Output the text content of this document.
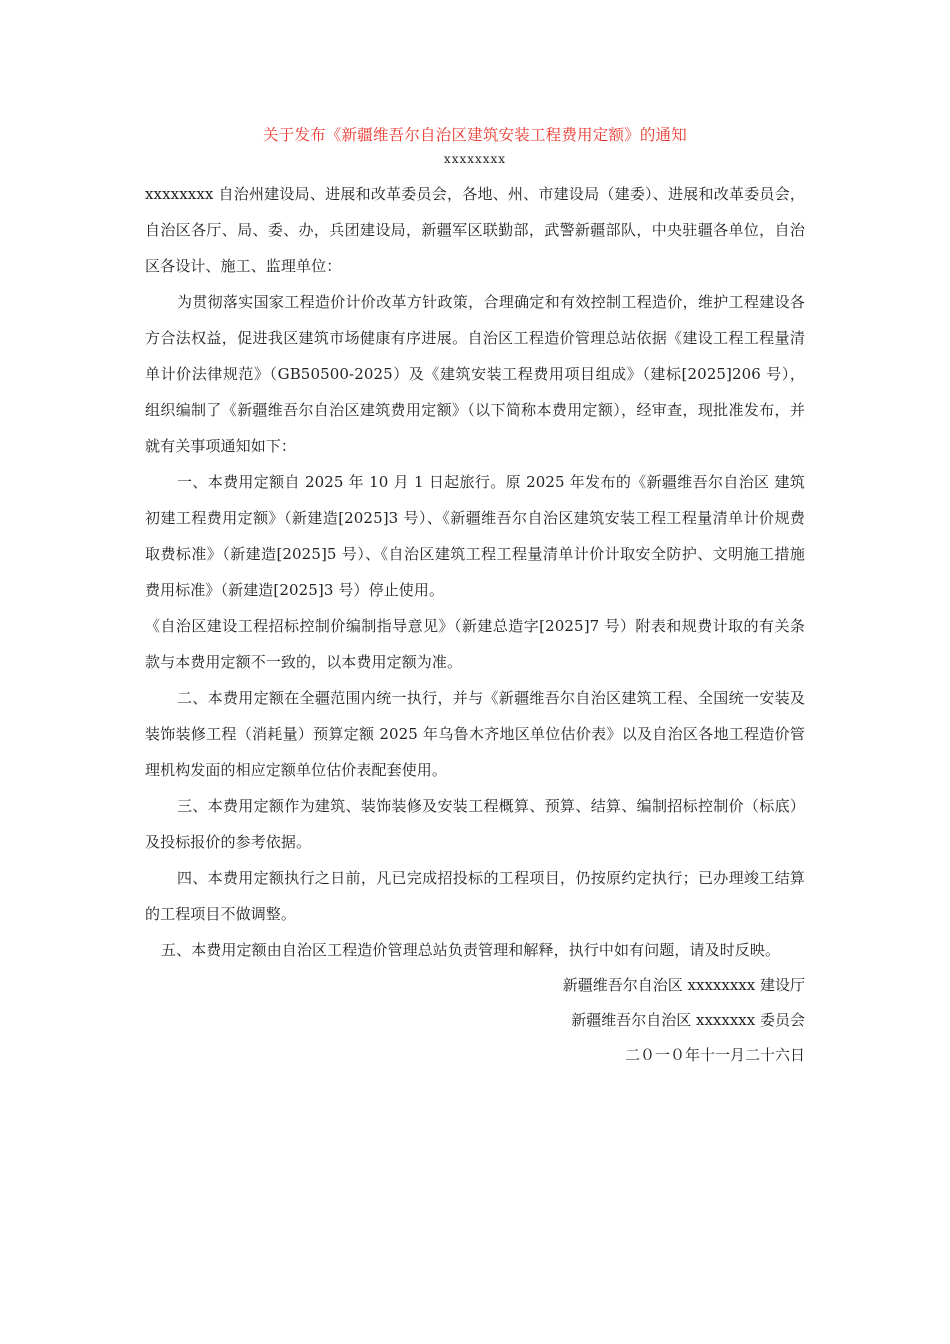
关于发布《新疆维吾尔自治区建筑安装工程费用定额》的通知
xxxxxxxx

xxxxxxxx 自治州建设局、进展和改革委员会，各地、州、市建设局（建委）、进展和改革委员会，自治区各厅、局、委、办，兵团建设局，新疆军区联勤部，武警新疆部队，中央驻疆各单位，自治区各设计、施工、监理单位：

为贯彻落实国家工程造价计价改革方针政策，合理确定和有效控制工程造价，维护工程建设各方合法权益，促进我区建筑市场健康有序进展。自治区工程造价管理总站依据《建设工程工程量清单计价法律规范》（GB50500-2025）及《建筑安装工程费用项目组成》（建标[2025]206 号），组织编制了《新疆维吾尔自治区建筑费用定额》（以下简称本费用定额），经审查，现批准发布，并就有关事项通知如下：

一、本费用定额自 2025 年 10 月 1 日起旅行。原 2025 年发布的《新疆维吾尔自治区 建筑初建工程费用定额》（新建造[2025]3 号）、《新疆维吾尔自治区建筑安装工程工程量清单计价规费取费标准》（新建造[2025]5 号）、《自治区建筑工程工程量清单计价计取安全防护、文明施工措施费用标准》（新建造[2025]3 号）停止使用。

《自治区建设工程招标控制价编制指导意见》（新建总造字[2025]7 号）附表和规费计取的有关条款与本费用定额不一致的，以本费用定额为准。

二、本费用定额在全疆范围内统一执行，并与《新疆维吾尔自治区建筑工程、全国统一安装及装饰装修工程（消耗量）预算定额 2025 年乌鲁木齐地区单位估价表》以及自治区各地工程造价管理机构发面的相应定额单位估价表配套使用。

三、本费用定额作为建筑、装饰装修及安装工程概算、预算、结算、编制招标控制价（标底）及投标报价的参考依据。

四、本费用定额执行之日前，凡已完成招投标的工程项目，仍按原约定执行；已办理竣工结算的工程项目不做调整。

五、本费用定额由自治区工程造价管理总站负责管理和解释，执行中如有问题，请及时反映。

新疆维吾尔自治区 xxxxxxxx 建设厅
新疆维吾尔自治区 xxxxxxx 委员会
二０一０年十一月二十六日
